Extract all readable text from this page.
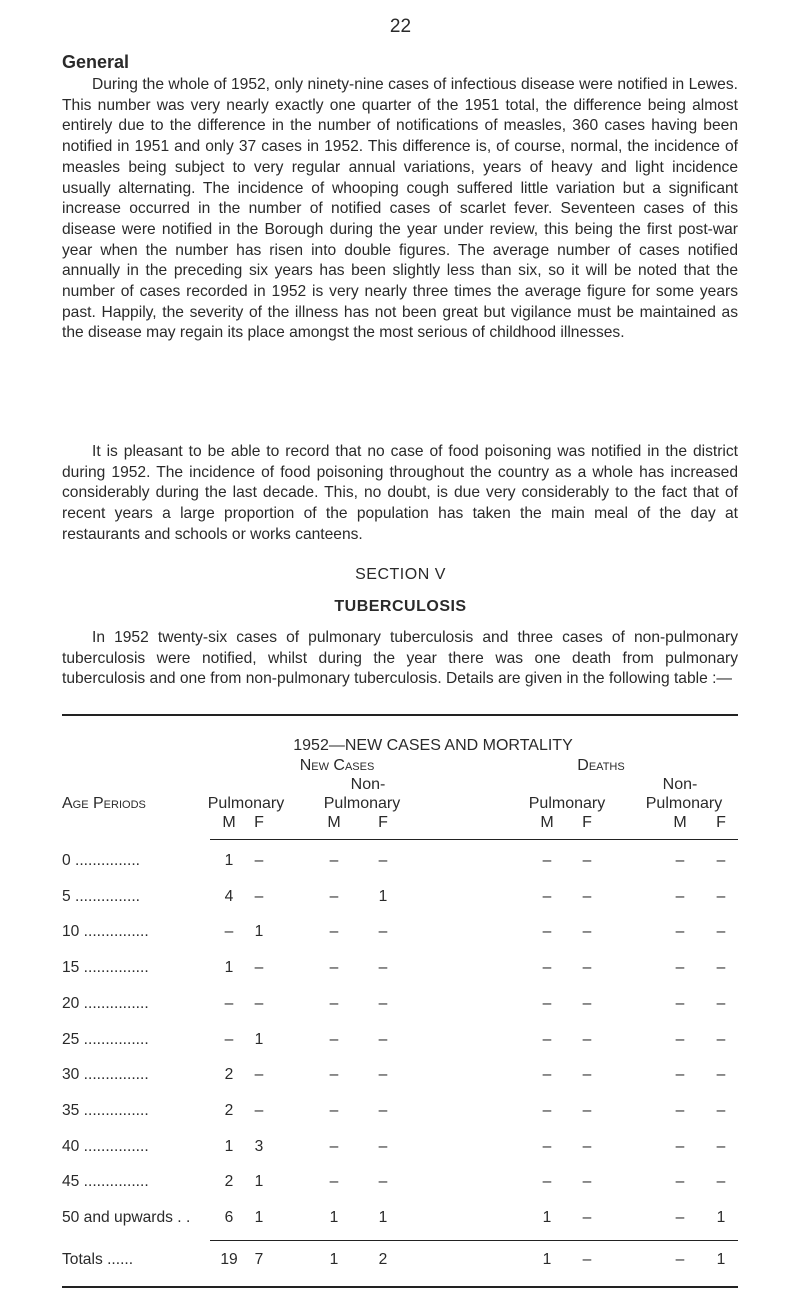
22
General

During the whole of 1952, only ninety-nine cases of infectious disease were notified in Lewes. This number was very nearly exactly one quarter of the 1951 total, the difference being almost entirely due to the difference in the number of notifications of measles, 360 cases having been notified in 1951 and only 37 cases in 1952. This difference is, of course, normal, the incidence of measles being subject to very regular annual variations, years of heavy and light incidence usually alternating. The incidence of whooping cough suffered little variation but a significant increase occurred in the number of notified cases of scarlet fever. Seventeen cases of this disease were notified in the Borough during the year under review, this being the first post-war year when the number has risen into double figures. The average number of cases notified annually in the preceding six years has been slightly less than six, so it will be noted that the number of cases recorded in 1952 is very nearly three times the average figure for some years past. Happily, the severity of the illness has not been great but vigilance must be maintained as the disease may regain its place amongst the most serious of childhood illnesses.

It is pleasant to be able to record that no case of food poisoning was notified in the district during 1952. The incidence of food poisoning throughout the country as a whole has increased considerably during the last decade. This, no doubt, is due very considerably to the fact that of recent years a large proportion of the population has taken the main meal of the day at restaurants and schools or works canteens.

SECTION V
TUBERCULOSIS

In 1952 twenty-six cases of pulmonary tuberculosis and three cases of non-pulmonary tuberculosis were notified, whilst during the year there was one death from pulmonary tuberculosis and one from non-pulmonary tuberculosis. Details are given in the following table :—

1952—NEW CASES AND MORTALITY
New Cases	Deaths
Non-	Non-
Age Periods	Pulmonary Pulmonary	Pulmonary	Pulmonary
M F	M F	M F	M F
0 ...............	1 –	–	–	– –	– –
5 ...............	4 –	–	1	– –	– –
10 ...............	– 1	–	–	– –	– –
15 ...............	1 –	–	–	– –	– –
20 ...............	– –	–	–	– –	– –
25 ...............	– 1	–	–	– –	– –
30 ...............	2 –	–	–	– –	– –
35 ...............	2 –	–	–	– –	– –
40 ...............	1 3	–	–	– –	– –
45 ...............	2 1	–	–	– –	– –
50 and upwards . . 6 1	1	1	1 –	– 1
Totals ......	19 7	1	2	1 –	– 1
